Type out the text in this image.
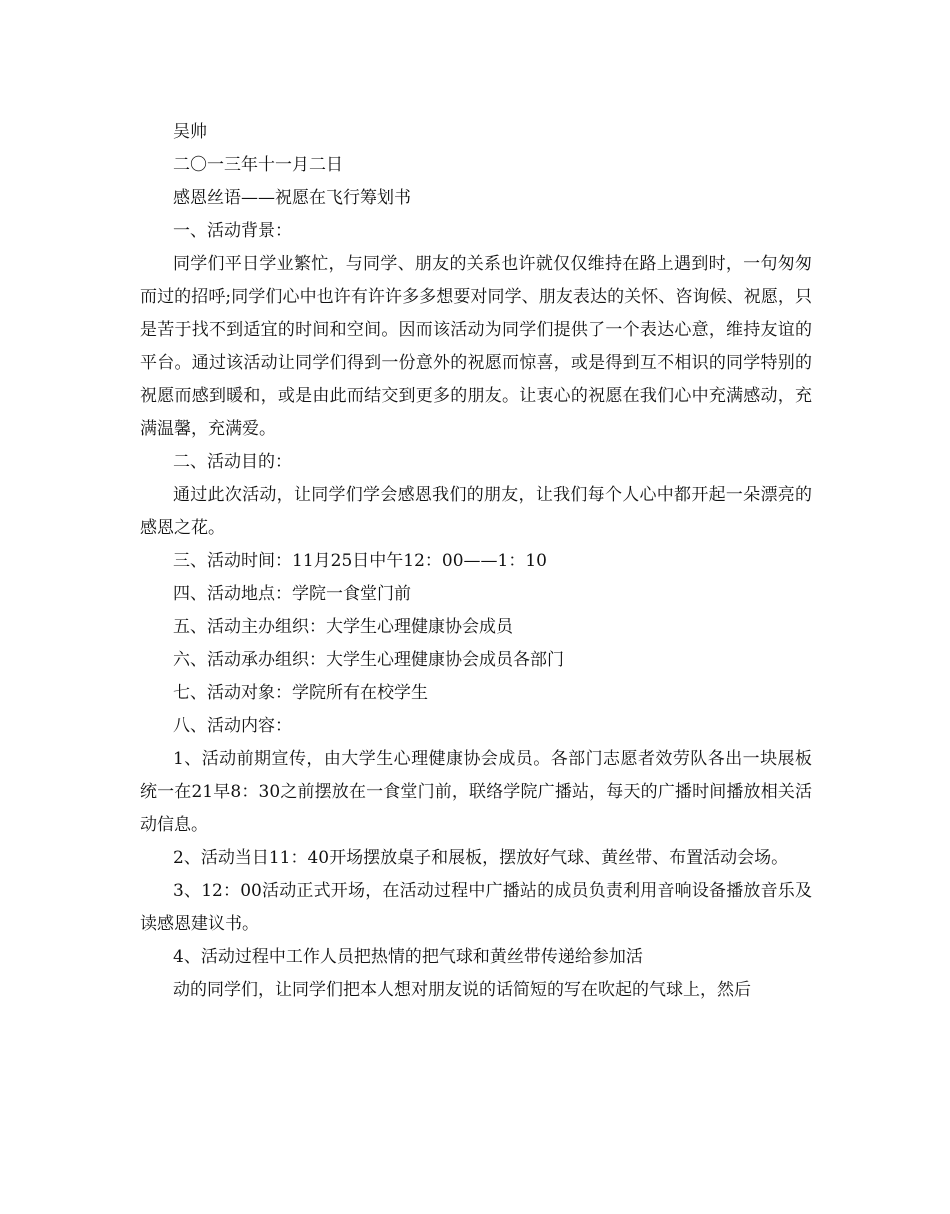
吴帅

二〇一三年十一月二日

感恩丝语——祝愿在飞行筹划书

一、活动背景：

同学们平日学业繁忙，与同学、朋友的关系也许就仅仅维持在路上遇到时，一句匆匆而过的招呼;同学们心中也许有许许多多想要对同学、朋友表达的关怀、咨询候、祝愿，只是苦于找不到适宜的时间和空间。因而该活动为同学们提供了一个表达心意，维持友谊的平台。通过该活动让同学们得到一份意外的祝愿而惊喜，或是得到互不相识的同学特别的祝愿而感到暖和，或是由此而结交到更多的朋友。让衷心的祝愿在我们心中充满感动，充满温馨，充满爱。

二、活动目的：

通过此次活动，让同学们学会感恩我们的朋友，让我们每个人心中都开起一朵漂亮的感恩之花。

三、活动时间：11月25日中午12：00——1：10

四、活动地点：学院一食堂门前

五、活动主办组织：大学生心理健康协会成员

六、活动承办组织：大学生心理健康协会成员各部门

七、活动对象：学院所有在校学生

八、活动内容：

1、活动前期宣传，由大学生心理健康协会成员。各部门志愿者效劳队各出一块展板统一在21早8：30之前摆放在一食堂门前，联络学院广播站，每天的广播时间播放相关活动信息。

2、活动当日11：40开场摆放桌子和展板，摆放好气球、黄丝带、布置活动会场。

3、12：00活动正式开场，在活动过程中广播站的成员负责利用音响设备播放音乐及读感恩建议书。

4、活动过程中工作人员把热情的把气球和黄丝带传递给参加活

动的同学们，让同学们把本人想对朋友说的话简短的写在吹起的气球上，然后
